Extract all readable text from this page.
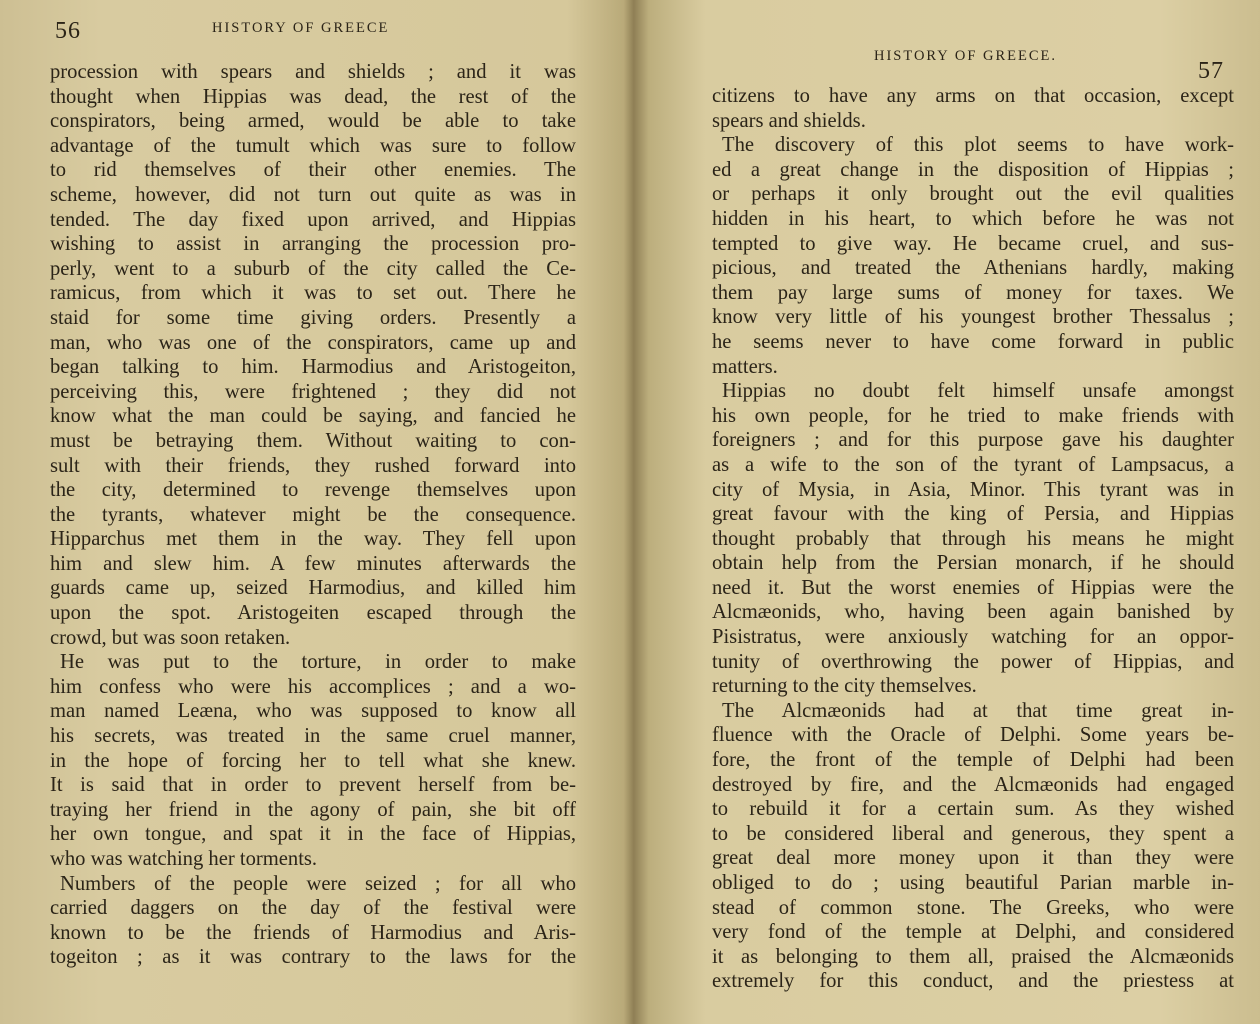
56	HISTORY OF GREECE
procession with spears and shields ; and it was
thought when Hippias was dead, the rest of the
conspirators, being armed, would be able to take
advantage of the tumult which was sure to follow
to rid themselves of their other enemies. The
scheme, however, did not turn out quite as was in
tended. The day fixed upon arrived, and Hippias
wishing to assist in arranging the procession pro-
perly, went to a suburb of the city called the Ce-
ramicus, from which it was to set out. There he
staid for some time giving orders. Presently a
man, who was one of the conspirators, came up and
began talking to him. Harmodius and Aristogeiton,
perceiving this, were frightened ; they did not
know what the man could be saying, and fancied he
must be betraying them. Without waiting to con-
sult with their friends, they rushed forward into
the city, determined to revenge themselves upon
the tyrants, whatever might be the consequence.
Hipparchus met them in the way. They fell upon
him and slew him. A few minutes afterwards the
guards came up, seized Harmodius, and killed him
upon the spot. Aristogeiten escaped through the
crowd, but was soon retaken.
He was put to the torture, in order to make
him confess who were his accomplices ; and a wo-
man named Leæna, who was supposed to know all
his secrets, was treated in the same cruel manner,
in the hope of forcing her to tell what she knew.
It is said that in order to prevent herself from be-
traying her friend in the agony of pain, she bit off
her own tongue, and spat it in the face of Hippias,
who was watching her torments.
Numbers of the people were seized ; for all who
carried daggers on the day of the festival were
known to be the friends of Harmodius and Aris-
togeiton ; as it was contrary to the laws for the
HISTORY OF GREECE.
57
citizens to have any arms on that occasion, except
spears and shields.
The discovery of this plot seems to have work-
ed a great change in the disposition of Hippias ;
or perhaps it only brought out the evil qualities
hidden in his heart, to which before he was not
tempted to give way. He became cruel, and sus-
picious, and treated the Athenians hardly, making
them pay large sums of money for taxes. We
know very little of his youngest brother Thessalus ;
he seems never to have come forward in public
matters.
Hippias no doubt felt himself unsafe amongst
his own people, for he tried to make friends with
foreigners ; and for this purpose gave his daughter
as a wife to the son of the tyrant of Lampsacus, a
city of Mysia, in Asia, Minor. This tyrant was in
great favour with the king of Persia, and Hippias
thought probably that through his means he might
obtain help from the Persian monarch, if he should
need it. But the worst enemies of Hippias were the
Alcmæonids, who, having been again banished by
Pisistratus, were anxiously watching for an oppor-
tunity of overthrowing the power of Hippias, and
returning to the city themselves.
The Alcmæonids had at that time great in-
fluence with the Oracle of Delphi. Some years be-
fore, the front of the temple of Delphi had been
destroyed by fire, and the Alcmæonids had engaged
to rebuild it for a certain sum. As they wished
to be considered liberal and generous, they spent a
great deal more money upon it than they were
obliged to do ; using beautiful Parian marble in-
stead of common stone. The Greeks, who were
very fond of the temple at Delphi, and considered
it as belonging to them all, praised the Alcmæonids
extremely for this conduct, and the priestess at
